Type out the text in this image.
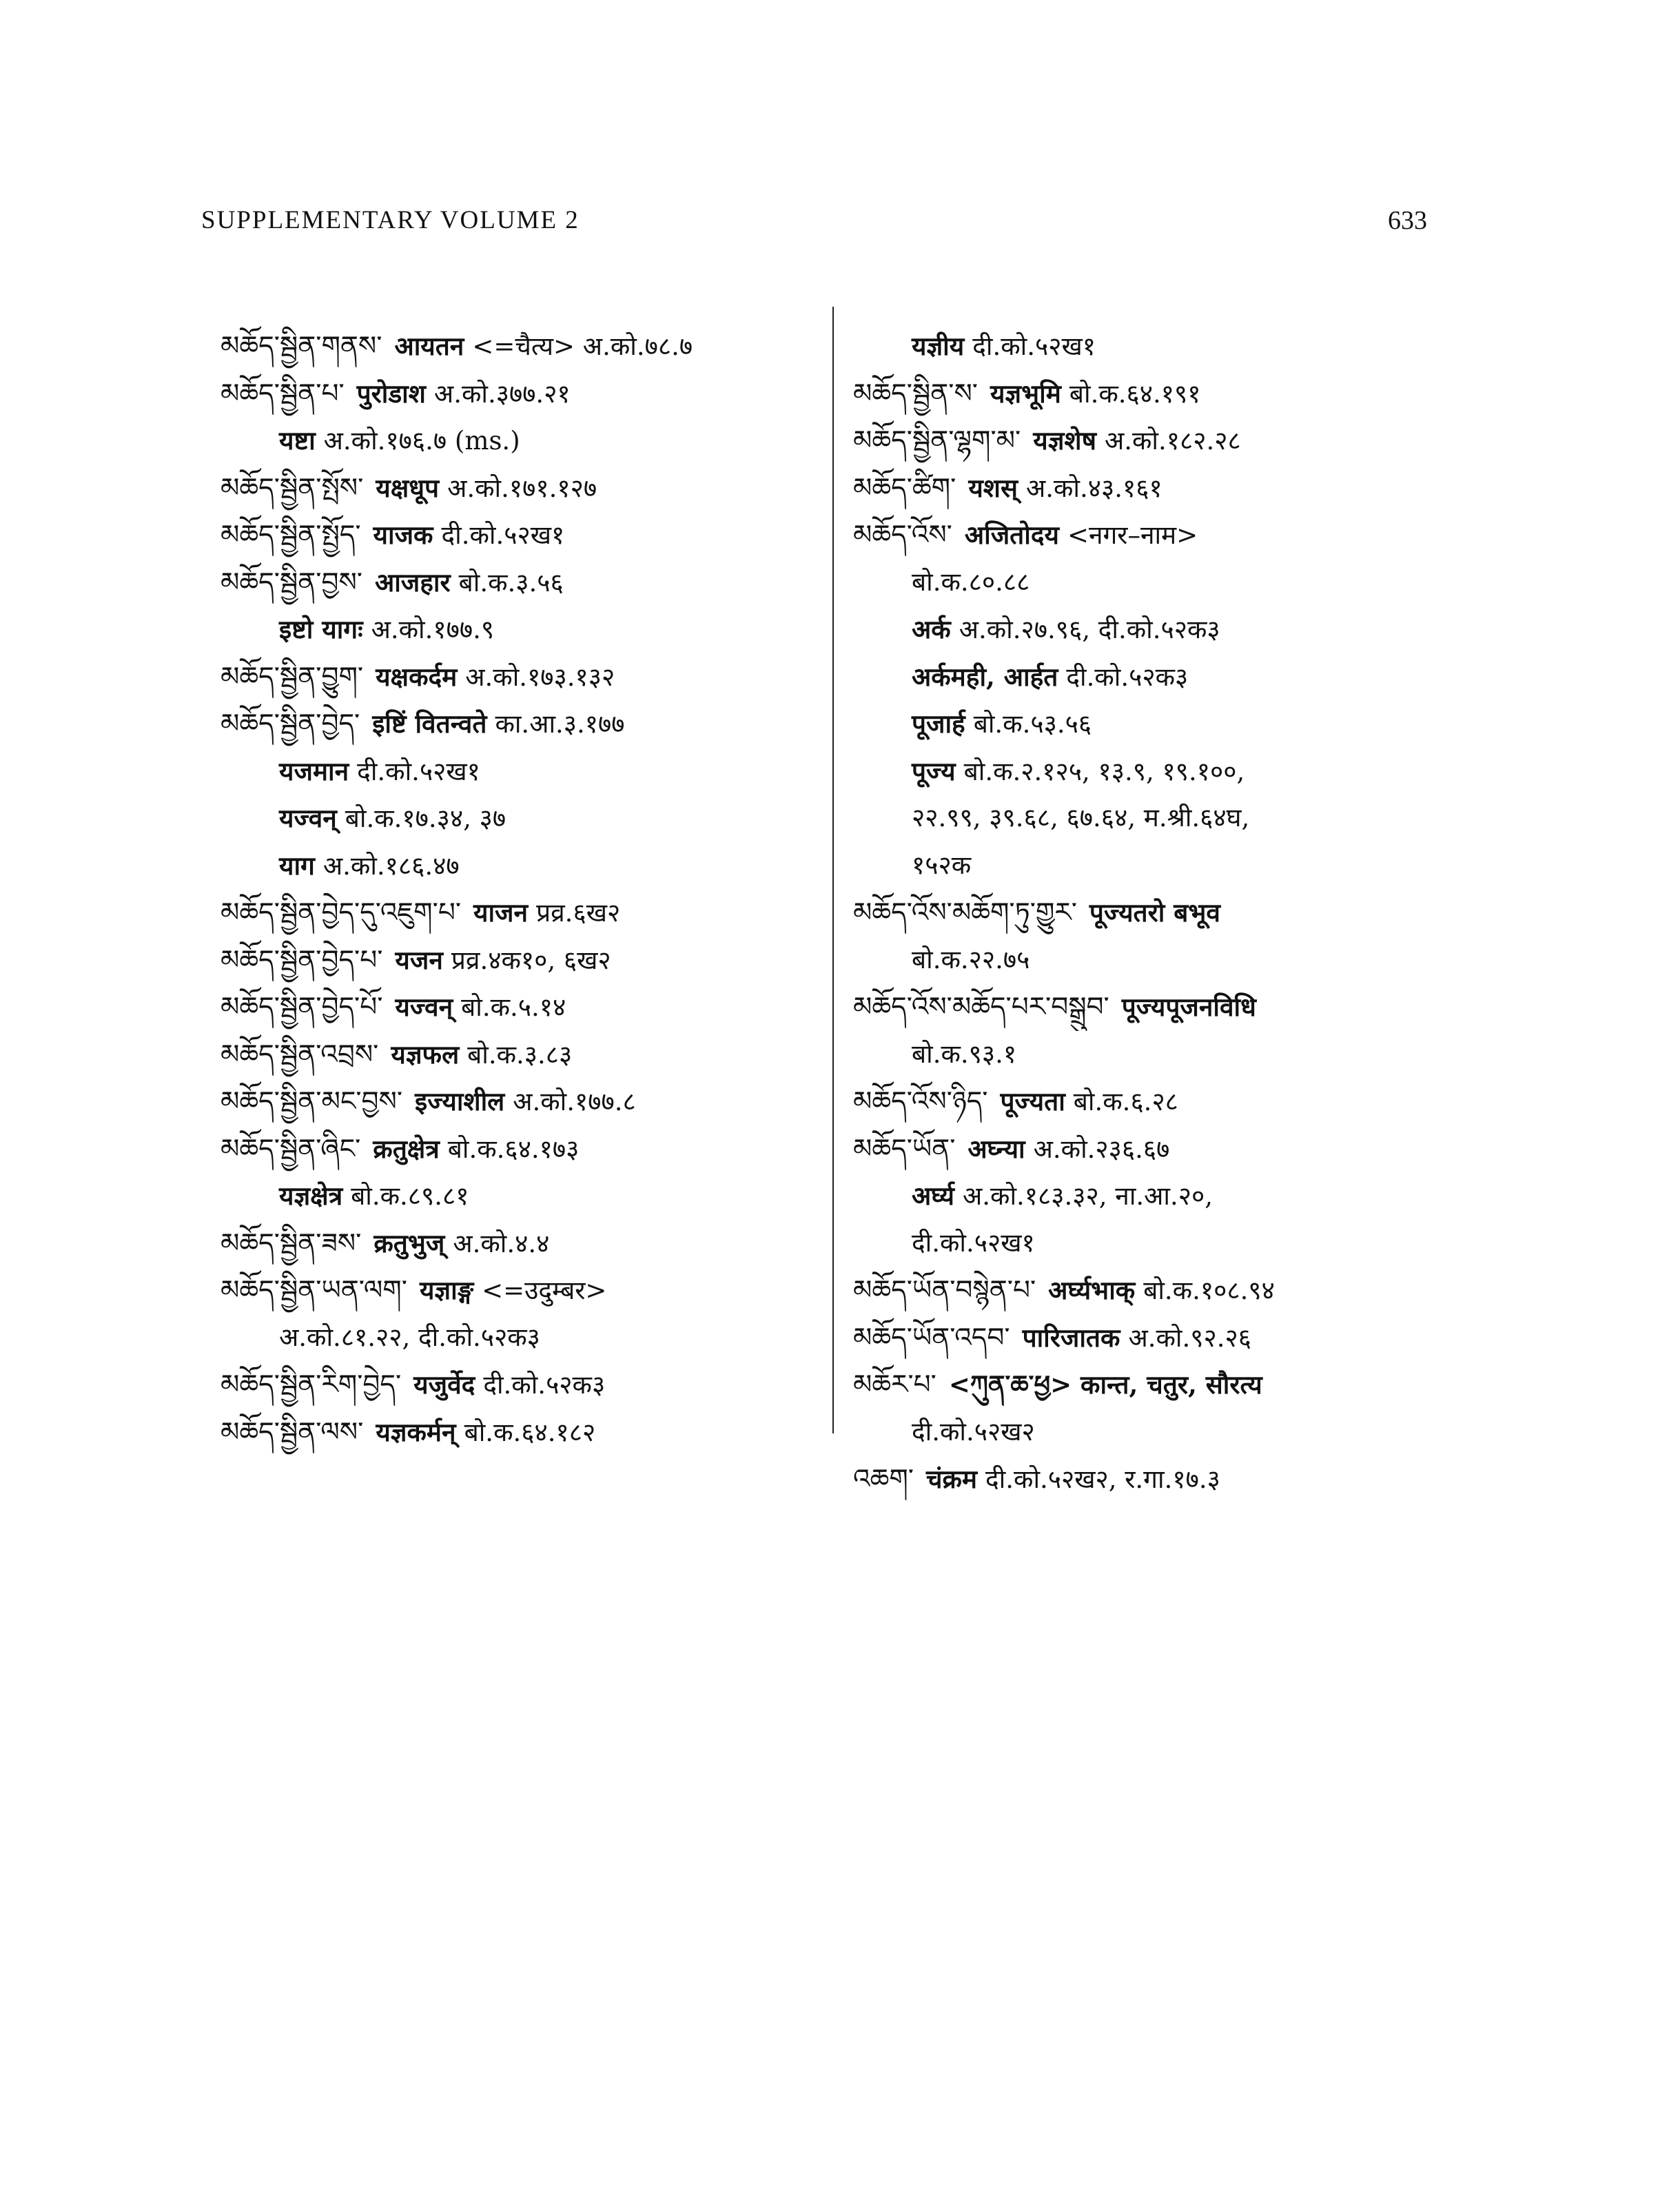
SUPPLEMENTARY VOLUME 2	633
མཆོད་སྦྱིན་གནས་ आयतन <=चैत्य> अ.को.७८.७
མཆོད་སྦྱིན་པ་ पुरोडाश अ.को.३७७.२१
यष्टा अ.को.१७६.७ (ms.)
མཆོད་སྦྱིན་སྤོས་ यक्षधूप अ.को.१७१.१२७
མཆོད་སྦྱིན་སྤྱོད་ याजक दी.को.५२ख१
མཆོད་སྦྱིན་བྱས་ आजहार बो.क.३.५६
इष्टो यागः अ.को.१७७.९
མཆོད་སྦྱིན་བྱུག་ यक्षकर्दम अ.को.१७३.१३२
མཆོད་སྦྱིན་བྱེད་ इष्टिं वितन्वते का.आ.३.१७७
यजमान दी.को.५२ख१
यज्वन् बो.क.१७.३४, ३७
याग अ.को.१८६.४७
མཆོད་སྦྱིན་བྱེད་དུ་འཇུག་པ་ याजन प्रव्र.६ख२
མཆོད་སྦྱིན་བྱེད་པ་ यजन प्रव्र.४क१०, ६ख२
མཆོད་སྦྱིན་བྱེད་པོ་ यज्वन् बो.क.५.१४
མཆོད་སྦྱིན་འབྲས་ यज्ञफल बो.क.३.८३
མཆོད་སྦྱིན་མང་བྱས་ इज्याशील अ.को.१७७.८
མཆོད་སྦྱིན་ཞིང་ क्रतुक्षेत्र बो.क.६४.१७३
यज्ञक्षेत्र बो.क.८९.८१
མཆོད་སྦྱིན་ཟས་ क्रतुभुज् अ.को.४.४
མཆོད་སྦྱིན་ཡན་ལག་ यज्ञाङ्ग <=उदुम्बर>
अ.को.८१.२२, दी.को.५२क३
མཆོད་སྦྱིན་རིག་བྱེད་ यजुर्वेद दी.को.५२क३
མཆོད་སྦྱིན་ལས་ यज्ञकर्मन् बो.क.६४.१८२
यज्ञीय दी.को.५२ख१
མཆོད་སྦྱིན་ས་ यज्ञभूमि बो.क.६४.१९१
མཆོད་སྦྱིན་ལྷག་མ་ यज्ञशेष अ.को.१८२.२८
མཆོད་ཚིག་ यशस् अ.को.४३.१६१
མཆོད་འོས་ अजितोदय <नगर–नाम>
बो.क.८०.८८
अर्क अ.को.२७.९६, दी.को.५२क३
अर्कमही, आर्हत दी.को.५२क३
पूजार्ह बो.क.५३.५६
पूज्य बो.क.२.१२५, १३.९, १९.१००,
२२.९९, ३९.६८, ६७.६४, म.श्री.६४घ,
१५२क
མཆོད་འོས་མཆོག་ཏུ་གྱུར་ पूज्यतरो बभूव
बो.क.२२.७५
མཆོད་འོས་མཆོད་པར་བསྒྲུབ་ पूज्यपूजनविधि
बो.क.९३.१
མཆོད་འོས་ཉིད་ पूज्यता बो.क.६.२८
མཆོད་ཡོན་ अघ्न्या अ.को.२३६.६७
अर्घ्य अ.को.१८३.३२, ना.आ.२०,
दी.को.५२ख१
མཆོད་ཡོན་བསྙེན་པ་ अर्घ्यभाक् बो.क.१०८.९४
མཆོད་ཡོན་འདབ་ पारिजातक अ.को.९२.२६
མཆོར་པ་ <ཀུན་ཆ་ཕྱ> कान्त, चतुर, सौरत्य
दी.को.५२ख२
འཆག་ चंक्रम दी.को.५२ख२, र.गा.१७.३
